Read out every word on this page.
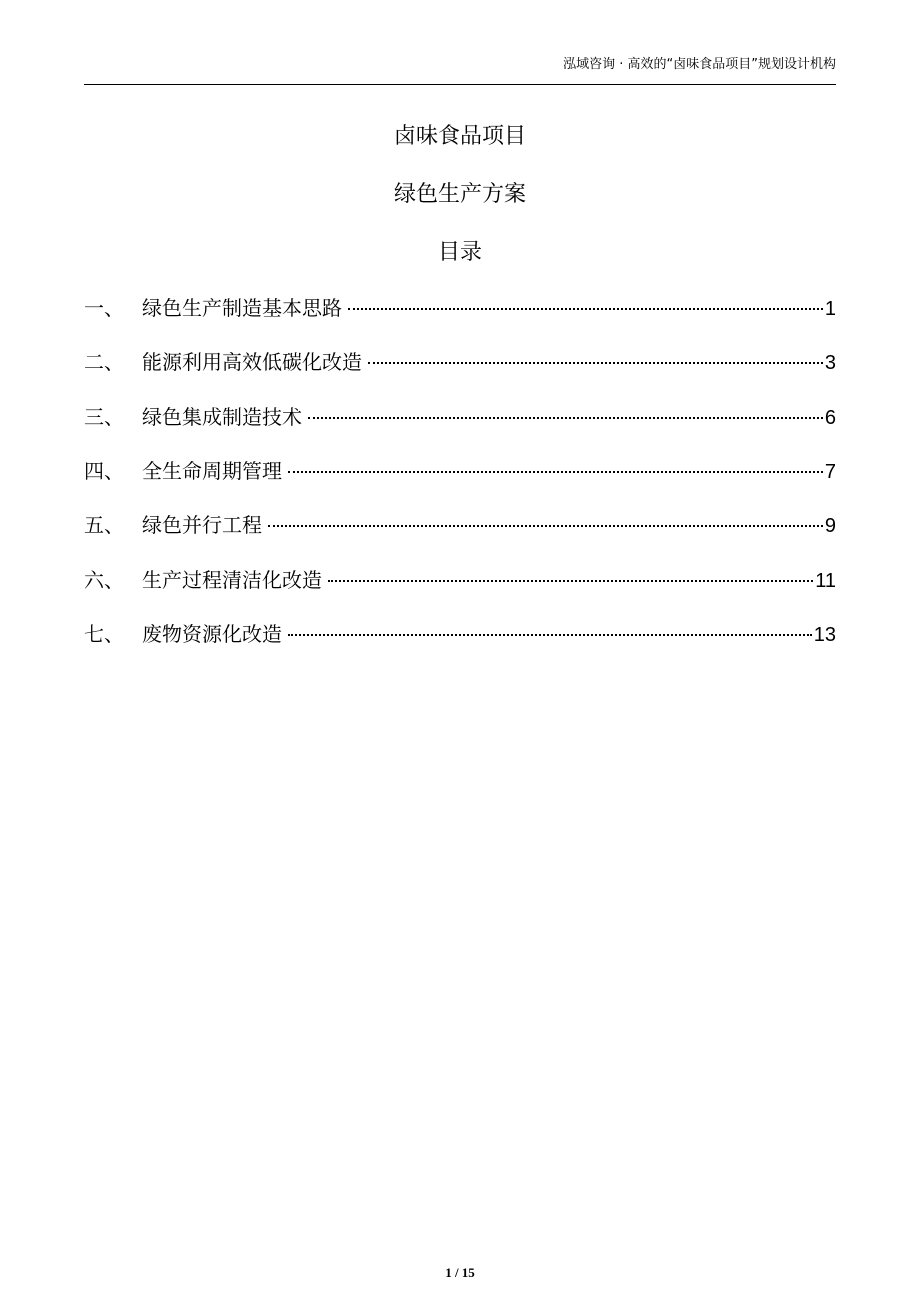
泓域咨询 · 高效的“卤味食品项目”规划设计机构
卤味食品项目
绿色生产方案
目录
一、 绿色生产制造基本思路	1
二、 能源利用高效低碳化改造	3
三、 绿色集成制造技术	6
四、 全生命周期管理	7
五、 绿色并行工程	9
六、 生产过程清洁化改造	11
七、 废物资源化改造	13
1 / 15
